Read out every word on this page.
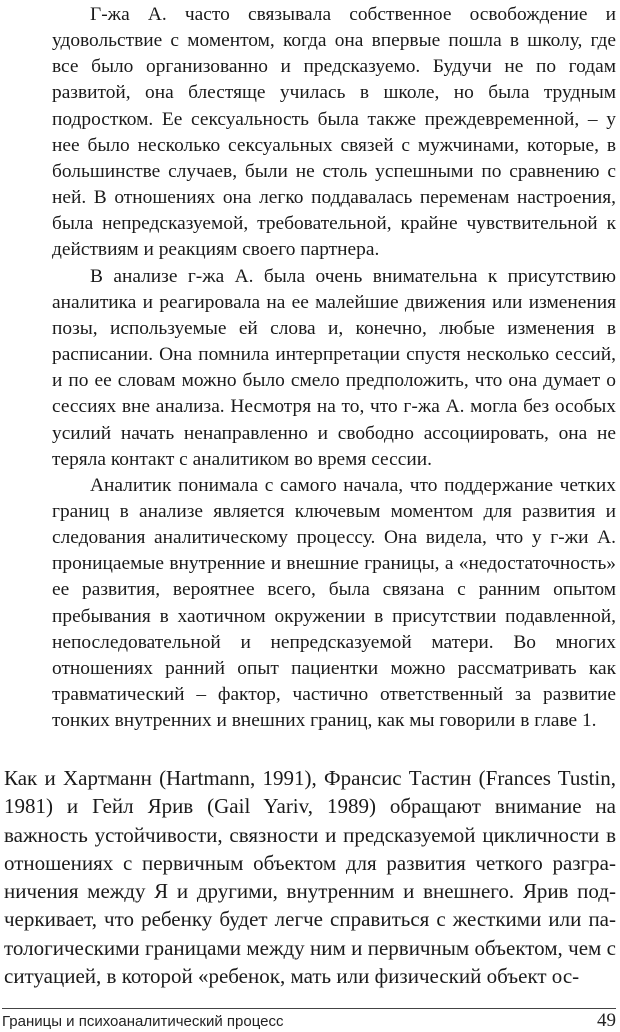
Г-жа А. часто связывала собственное освобождение и удовольствие с моментом, когда она впервые пошла в школу, где все было организованно и предсказуемо. Будучи не по годам развитой, она блестяще училась в школе, но была трудным подростком. Ее сексуальность была также преждевременной, – у нее было несколько сексуальных связей с мужчинами, которые, в большинстве случаев, были не столь успешными по сравнению с ней. В отношениях она легко поддавалась переменам настроения, была непредсказуемой, требовательной, крайне чувствительной к действиям и реакциям своего партнера.

В анализе г-жа А. была очень внимательна к присутствию аналитика и реагировала на ее малейшие движения или изменения позы, используемые ей слова и, конечно, любые изменения в расписании. Она помнила интерпретации спустя несколько сессий, и по ее словам можно было смело предположить, что она думает о сессиях вне анализа. Несмотря на то, что г-жа А. могла без особых усилий начать ненаправленно и свободно ассоциировать, она не теряла контакт с аналитиком во время сессии.

Аналитик понимала с самого начала, что поддержание четких границ в анализе является ключевым моментом для развития и следования аналитическому процессу. Она видела, что у г-жи А. проницаемые внутренние и внешние границы, а «недостаточность» ее развития, вероятнее всего, была связана с ранним опытом пребывания в хаотичном окружении в присутствии подавленной, непоследовательной и непредсказуемой матери. Во многих отношениях ранний опыт пациентки можно рассматривать как травматический – фактор, частично ответственный за развитие тонких внутренних и внешних границ, как мы говорили в главе 1.

Как и Хартманн (Hartmann, 1991), Франсис Тастин (Frances Tustin, 1981) и Гейл Ярив (Gail Yariv, 1989) обращают внимание на важность устойчивости, связности и предсказуемой цикличности в отношениях с первичным объектом для развития четкого разграничения между Я и другими, внутренним и внешнего. Ярив подчеркивает, что ребенку будет легче справиться с жесткими или патологическими границами между ним и первичным объектом, чем с ситуацией, в которой «ребенок, мать или физический объект ос-

Границы и психоаналитический процесс	49
